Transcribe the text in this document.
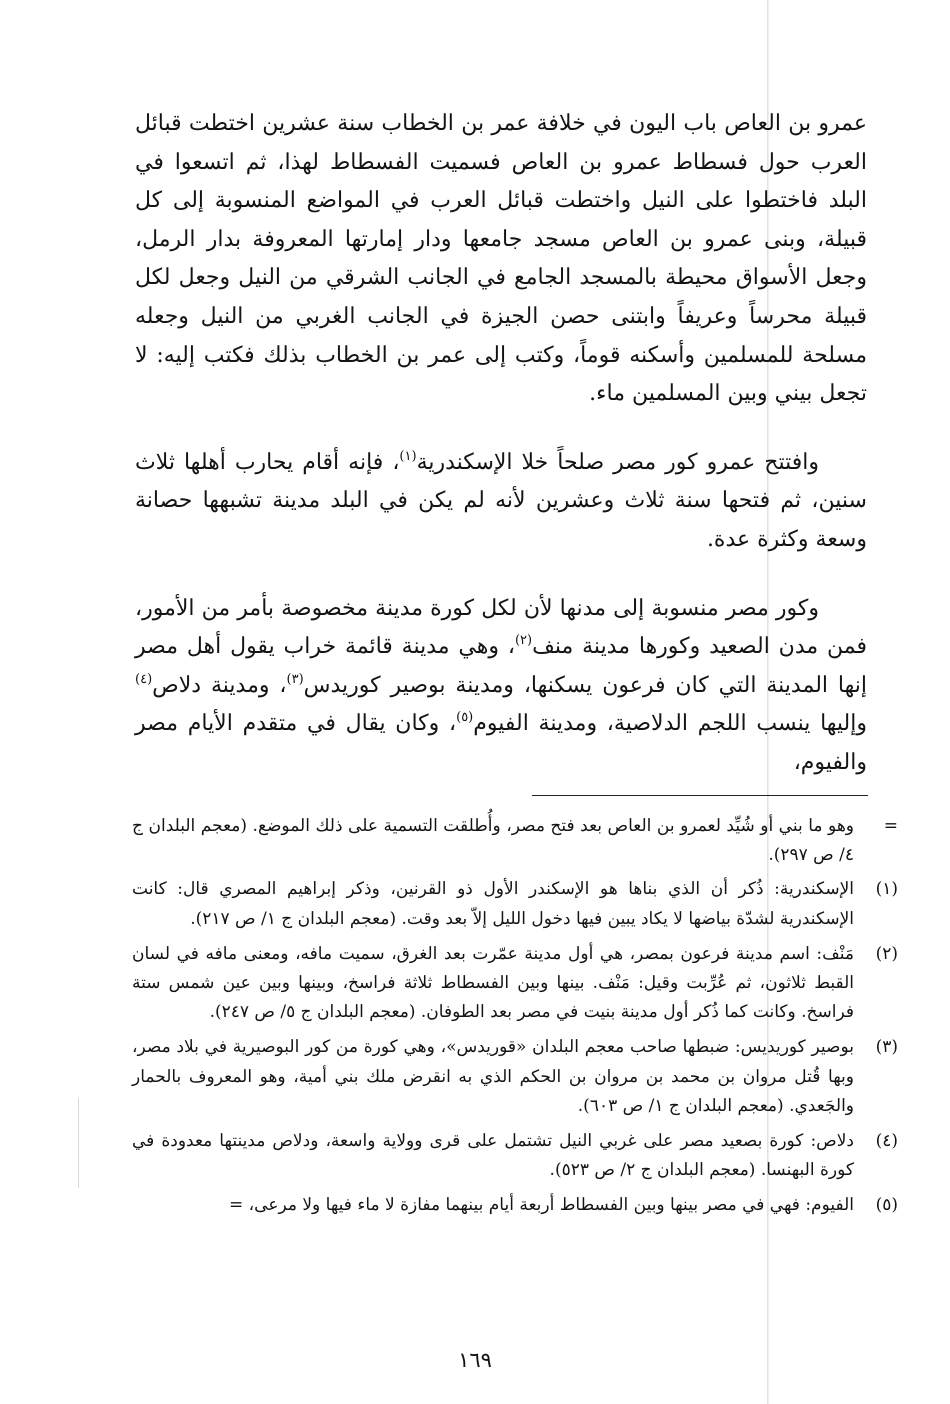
عمرو بن العاص باب اليون في خلافة عمر بن الخطاب سنة عشرين اختطت قبائل العرب حول فسطاط عمرو بن العاص فسميت الفسطاط لهذا، ثم اتسعوا في البلد فاختطوا على النيل واختطت قبائل العرب في المواضع المنسوبة إلى كل قبيلة، وبنى عمرو بن العاص مسجد جامعها ودار إمارتها المعروفة بدار الرمل، وجعل الأسواق محيطة بالمسجد الجامع في الجانب الشرقي من النيل وجعل لكل قبيلة محرساً وعريفاً وابتنى حصن الجيزة في الجانب الغربي من النيل وجعله مسلحة للمسلمين وأسكنه قوماً، وكتب إلى عمر بن الخطاب بذلك فكتب إليه: لا تجعل بيني وبين المسلمين ماء.

وافتتح عمرو كور مصر صلحاً خلا الإسكندرية$^{(١)}$، فإنه أقام يحارب أهلها ثلاث سنين، ثم فتحها سنة ثلاث وعشرين لأنه لم يكن في البلد مدينة تشبهها حصانة وسعة وكثرة عدة.

وكور مصر منسوبة إلى مدنها لأن لكل كورة مدينة مخصوصة بأمر من الأمور، فمن مدن الصعيد وكورها مدينة منف$^{(٢)}$، وهي مدينة قائمة خراب يقول أهل مصر إنها المدينة التي كان فرعون يسكنها، ومدينة بوصير كوريدس$^{(٣)}$، ومدينة دلاص$^{(٤)}$ وإليها ينسب اللجم الدلاصية، ومدينة الفيوم$^{(٥)}$، وكان يقال في متقدم الأيام مصر والفيوم،

=
وهو ما بني أو شُيِّد لعمرو بن العاص بعد فتح مصر، وأُطلقت التسمية على ذلك الموضع. (معجم البلدان ج ٤/ ص ٢٩٧).
(١)
الإسكندرية: ذُكر أن الذي بناها هو الإسكندر الأول ذو القرنين، وذكر إبراهيم المصري قال: كانت الإسكندرية لشدّة بياضها لا يكاد يبين فيها دخول الليل إلاّ بعد وقت. (معجم البلدان ج ١/ ص ٢١٧).
(٢)
مَنْف: اسم مدينة فرعون بمصر، هي أول مدينة عمّرت بعد الغرق، سميت مافه، ومعنى مافه في لسان القبط ثلاثون، ثم عُرِّبت وقيل: مَنْف. بينها وبين الفسطاط ثلاثة فراسخ، وبينها وبين عين شمس ستة فراسخ. وكانت كما ذُكر أول مدينة بنيت في مصر بعد الطوفان. (معجم البلدان ج ٥/ ص ٢٤٧).
(٣)
بوصير كوريديس: ضبطها صاحب معجم البلدان «قوريدس»، وهي كورة من كور البوصيرية في بلاد مصر، وبها قُتل مروان بن محمد بن مروان بن الحكم الذي به انقرض ملك بني أمية، وهو المعروف بالحمار والجَعدي. (معجم البلدان ج ١/ ص ٦٠٣).
(٤)
دلاص: كورة بصعيد مصر على غربي النيل تشتمل على قرى وولاية واسعة، ودلاص مدينتها معدودة في كورة البهنسا. (معجم البلدان ج ٢/ ص ٥٢٣).
(٥)
الفيوم: فهي في مصر بينها وبين الفسطاط أربعة أيام بينهما مفازة لا ماء فيها ولا مرعى، =
١٦٩
